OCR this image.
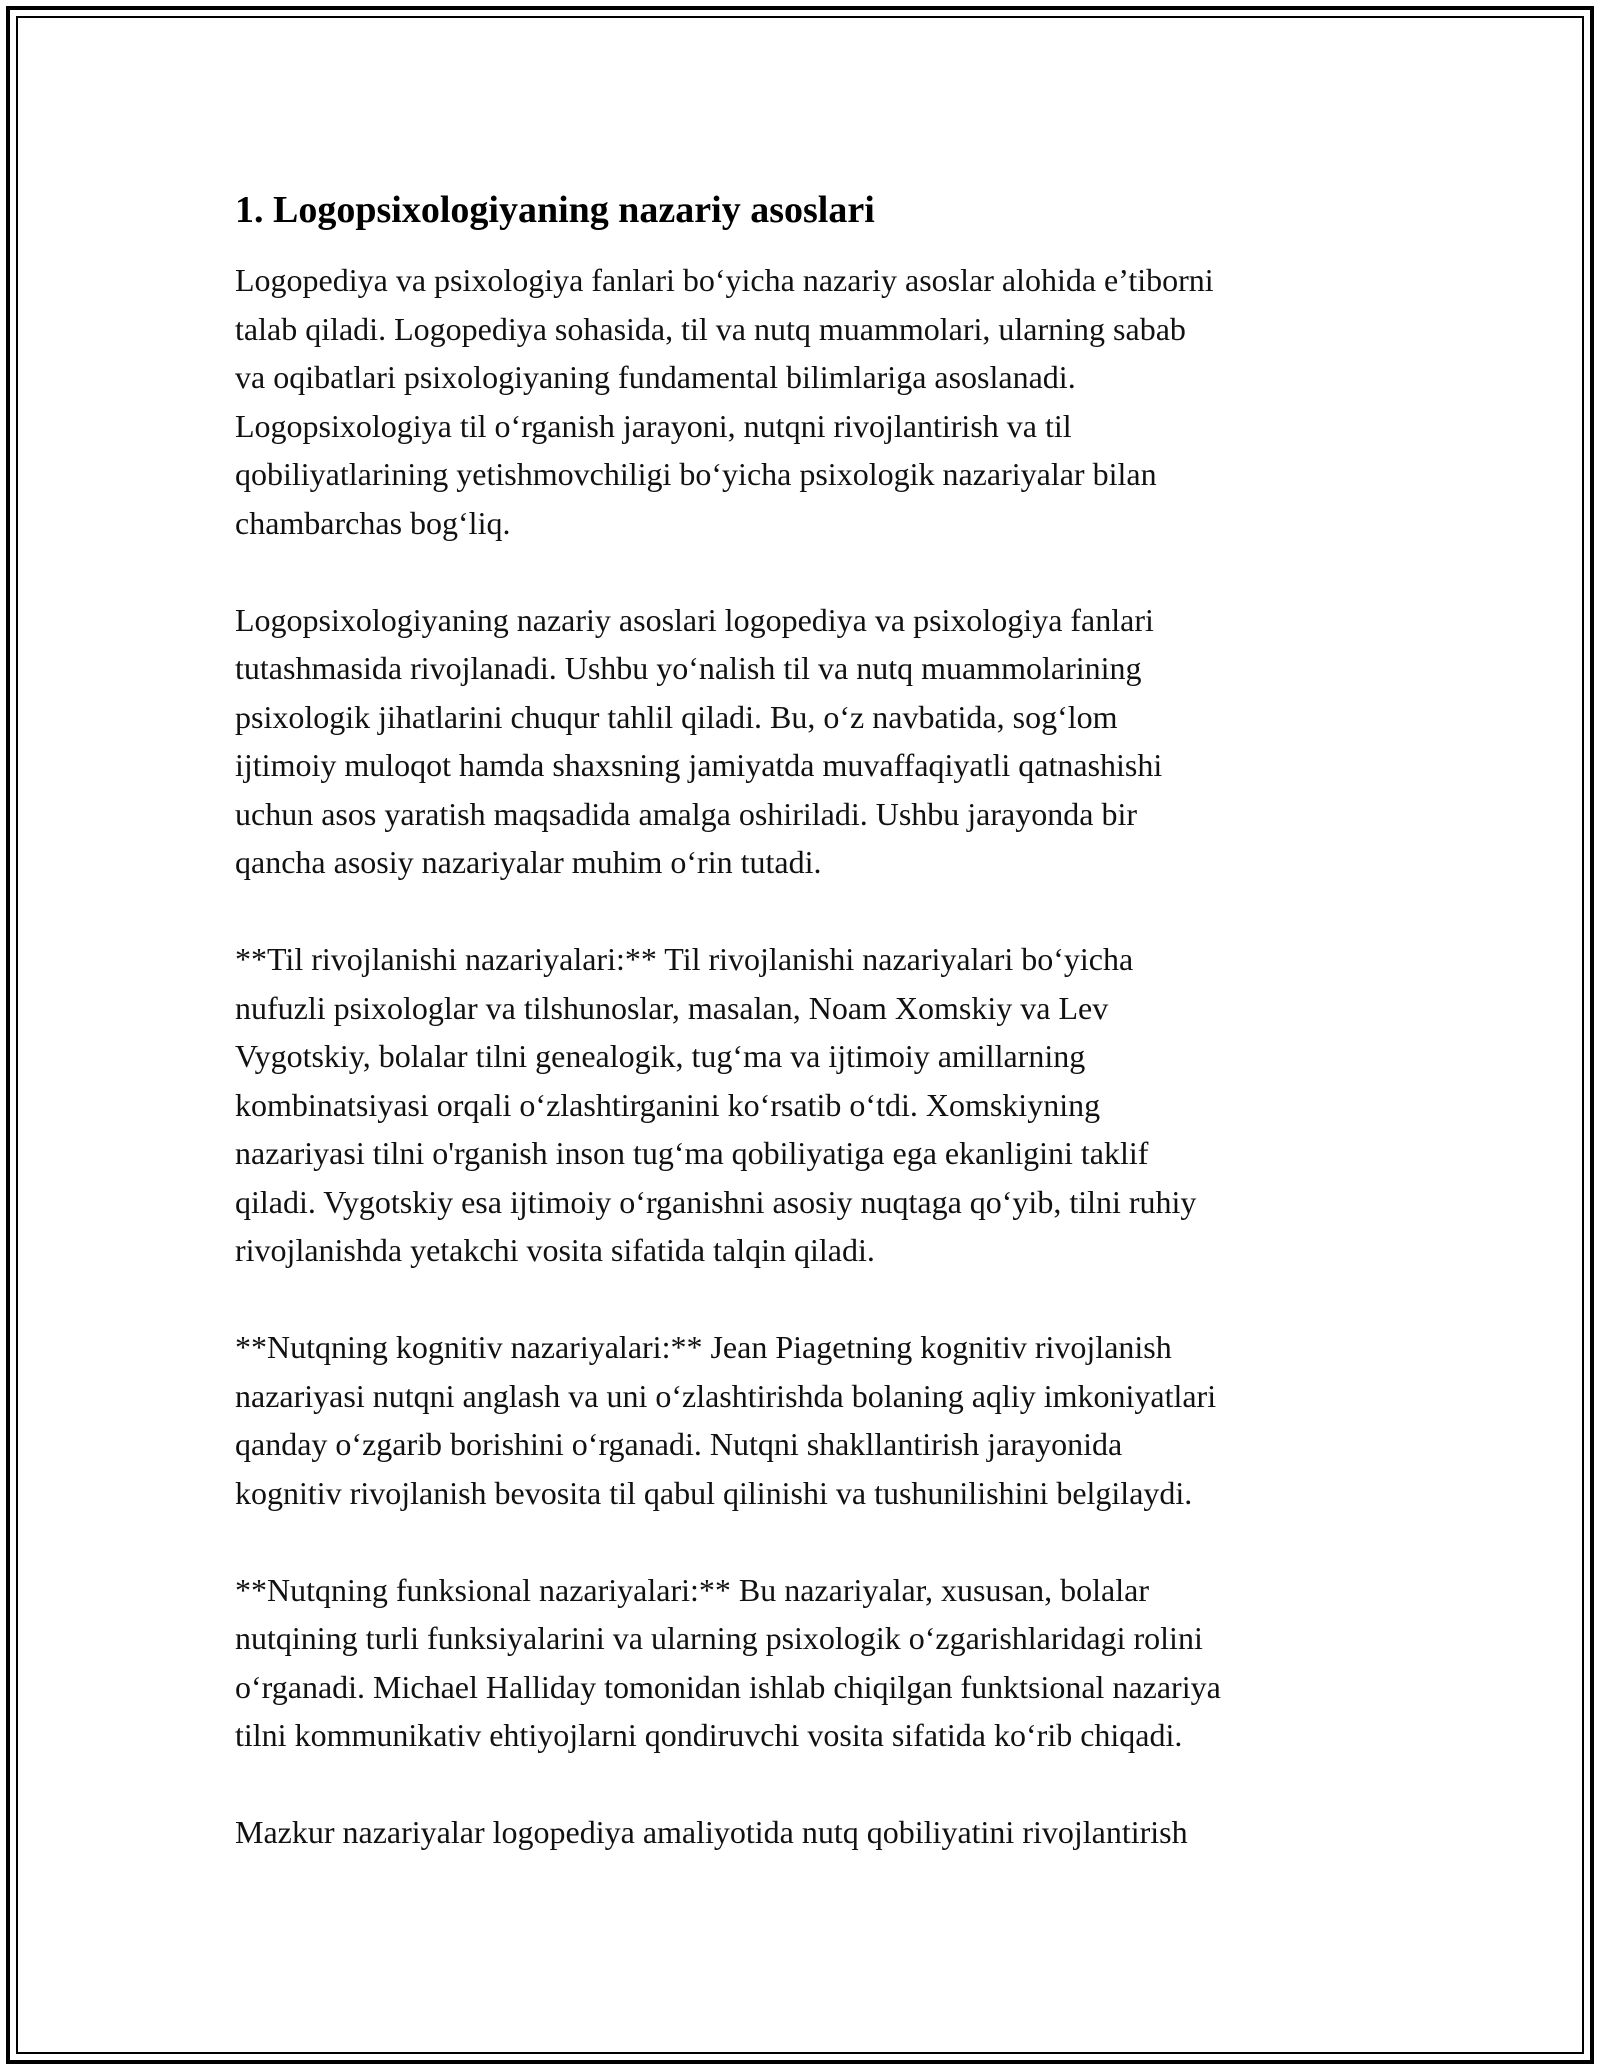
1. Logopsixologiyaning nazariy asoslari

Logopediya va psixologiya fanlari bo‘yicha nazariy asoslar alohida e’tiborni
talab qiladi. Logopediya sohasida, til va nutq muammolari, ularning sabab
va oqibatlari psixologiyaning fundamental bilimlariga asoslanadi.
Logopsixologiya til o‘rganish jarayoni, nutqni rivojlantirish va til
qobiliyatlarining yetishmovchiligi bo‘yicha psixologik nazariyalar bilan
chambarchas bog‘liq.

Logopsixologiyaning nazariy asoslari logopediya va psixologiya fanlari
tutashmasida rivojlanadi. Ushbu yo‘nalish til va nutq muammolarining
psixologik jihatlarini chuqur tahlil qiladi. Bu, o‘z navbatida, sog‘lom
ijtimoiy muloqot hamda shaxsning jamiyatda muvaffaqiyatli qatnashishi
uchun asos yaratish maqsadida amalga oshiriladi. Ushbu jarayonda bir
qancha asosiy nazariyalar muhim o‘rin tutadi.

**Til rivojlanishi nazariyalari:** Til rivojlanishi nazariyalari bo‘yicha
nufuzli psixologlar va tilshunoslar, masalan, Noam Xomskiy va Lev
Vygotskiy, bolalar tilni genealogik, tug‘ma va ijtimoiy amillarning
kombinatsiyasi orqali o‘zlashtirganini ko‘rsatib o‘tdi. Xomskiyning
nazariyasi tilni o'rganish inson tug‘ma qobiliyatiga ega ekanligini taklif
qiladi. Vygotskiy esa ijtimoiy o‘rganishni asosiy nuqtaga qo‘yib, tilni ruhiy
rivojlanishda yetakchi vosita sifatida talqin qiladi.

**Nutqning kognitiv nazariyalari:** Jean Piagetning kognitiv rivojlanish
nazariyasi nutqni anglash va uni o‘zlashtirishda bolaning aqliy imkoniyatlari
qanday o‘zgarib borishini o‘rganadi. Nutqni shakllantirish jarayonida
kognitiv rivojlanish bevosita til qabul qilinishi va tushunilishini belgilaydi.

**Nutqning funksional nazariyalari:** Bu nazariyalar, xususan, bolalar
nutqining turli funksiyalarini va ularning psixologik o‘zgarishlaridagi rolini
o‘rganadi. Michael Halliday tomonidan ishlab chiqilgan funktsional nazariya
tilni kommunikativ ehtiyojlarni qondiruvchi vosita sifatida ko‘rib chiqadi.

Mazkur nazariyalar logopediya amaliyotida nutq qobiliyatini rivojlantirish
